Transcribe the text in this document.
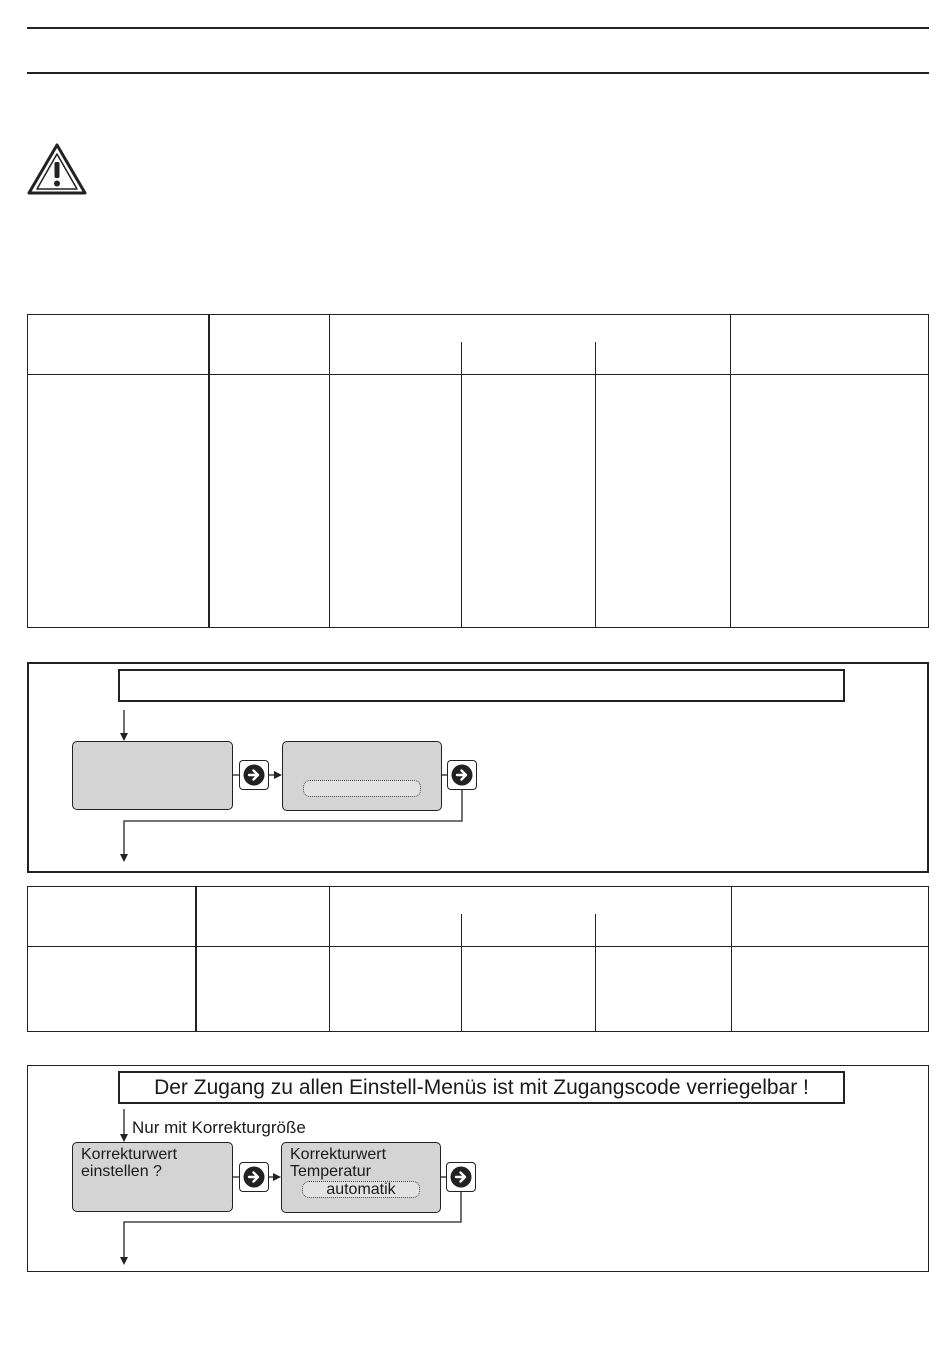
Der Zugang zu allen Einstell-Menüs ist mit Zugangscode verriegelbar !
Nur mit Korrekturgröße
Korrekturwert
einstellen ?
Korrekturwert
Temperatur
automatik
